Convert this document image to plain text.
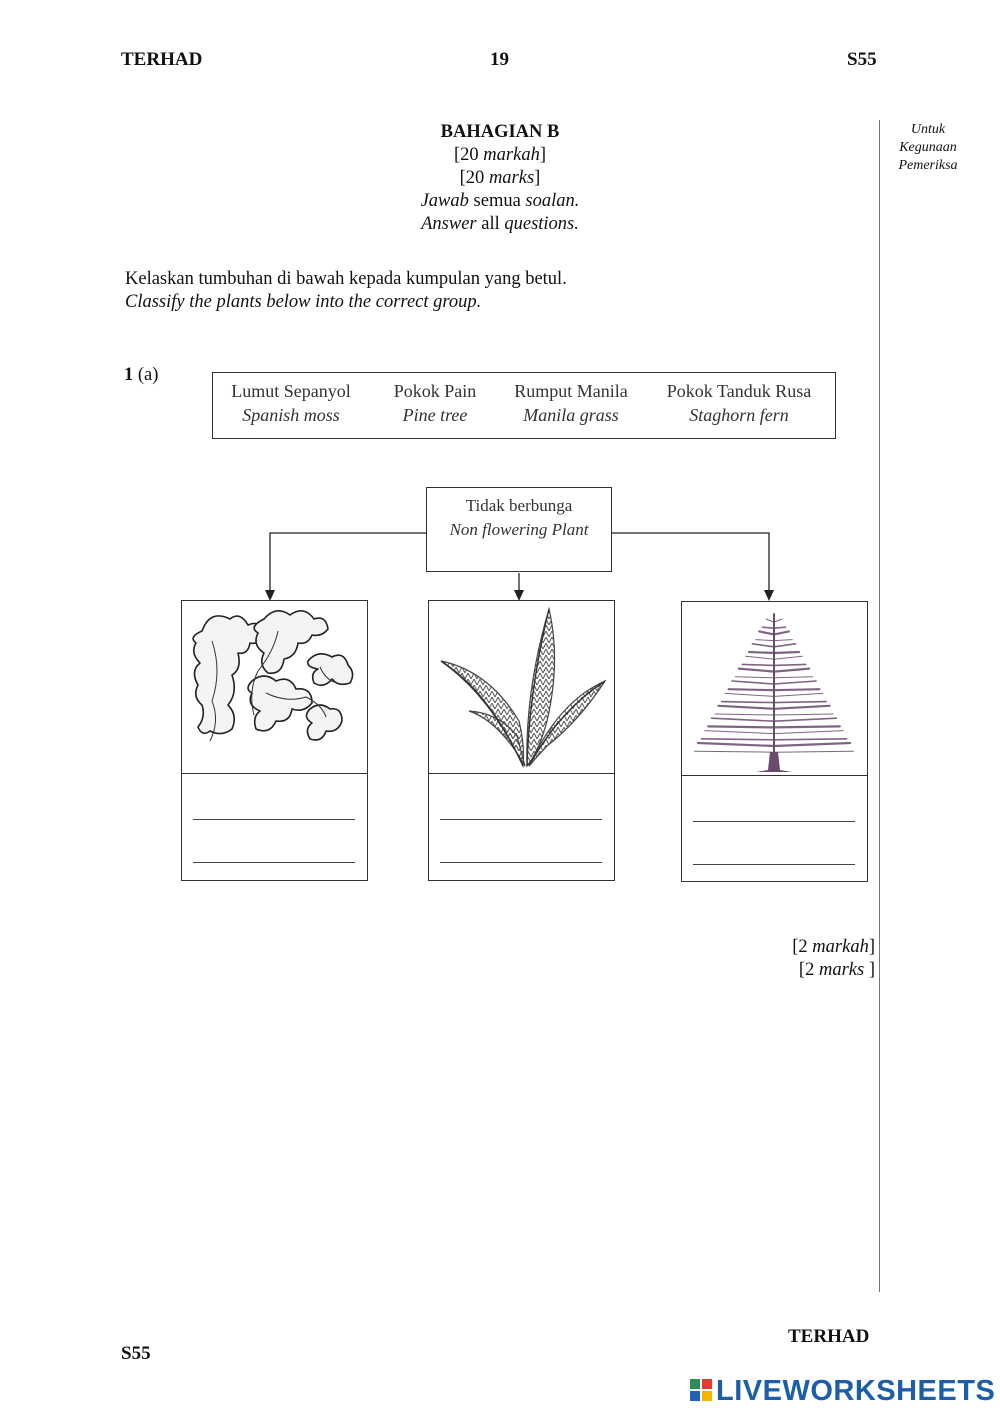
TERHAD	19	S55
Untuk
Kegunaan
Pemeriksa
BAHAGIAN B
[20 markah]
[20 marks]
Jawab semua soalan.
Answer all questions.
Kelaskan tumbuhan di bawah kepada kumpulan yang betul.
Classify the plants below into the correct group.
1 (a)
Lumut Sepanyol
Spanish moss
Pokok Pain
Pine tree
Rumput Manila
Manila grass
Pokok Tanduk Rusa
Staghorn fern
Tidak berbunga
Non flowering Plant
[2 markah]
[2 marks ]
TERHAD
S55
LIVEWORKSHEETS
